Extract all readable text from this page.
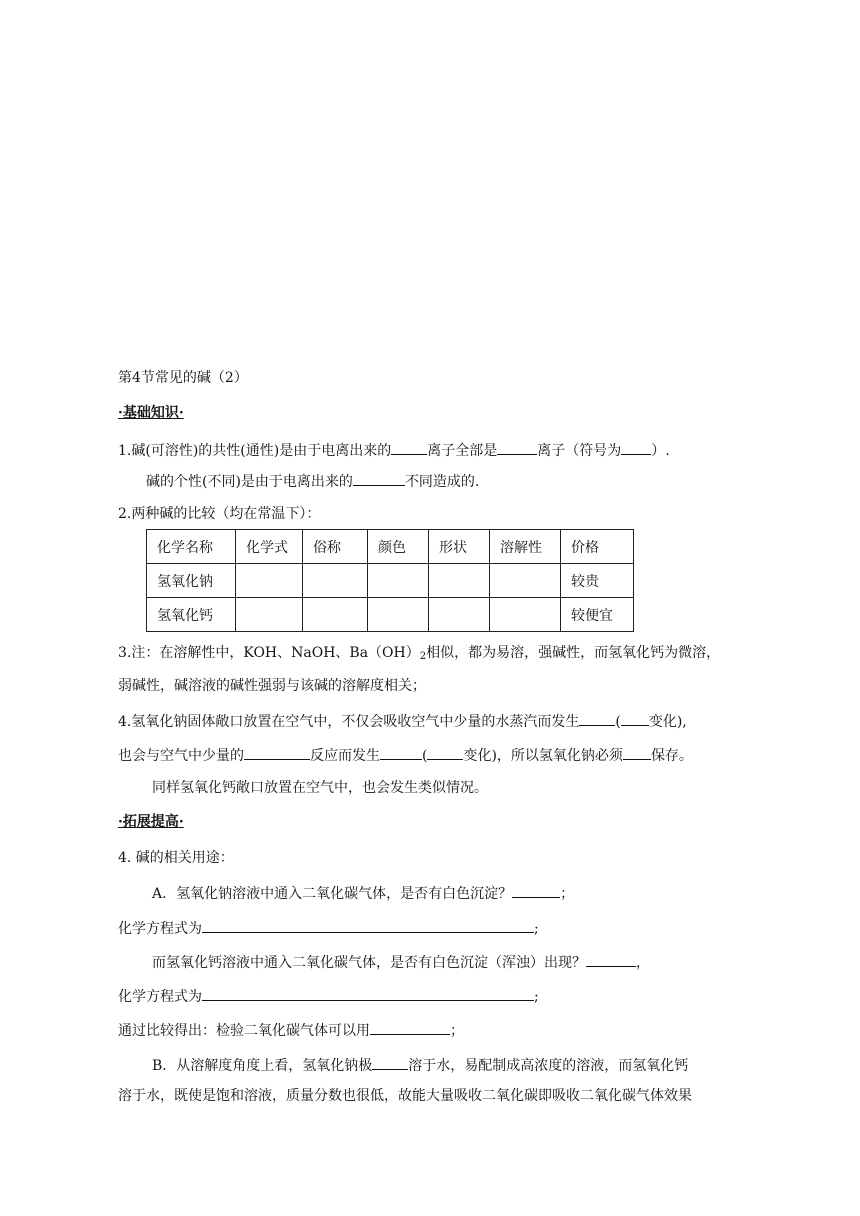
第4节常见的碱（2）
·基础知识·
1.碱(可溶性)的共性(通性)是由于电离出来的	离子全部是	离子（符号为 ）.
碱的个性(不同)是由于电离出来的	不同造成的.
2.两种碱的比较（均在常温下）：
化学名称	化学式	俗称	颜色	形状	溶解性	价格
氢氧化钠						较贵
氢氧化钙						较便宜
3.注：在溶解性中，KOH、NaOH、$Ba(OH)_2$相似，都为易溶，强碱性，而氢氧化钙为微溶，
弱碱性，碱溶液的碱性强弱与该碱的溶解度相关；
4.氢氧化钠固体敞口放置在空气中，不仅会吸收空气中少量的水蒸汽而发生	( 变化),
也会与空气中少量的	反应而发生	(	变化)，所以氢氧化钠必须 保存。
同样氢氧化钙敞口放置在空气中，也会发生类似情况。
·拓展提高·
4. 碱的相关用途：
A．氢氧化钠溶液中通入二氧化碳气体，是否有白色沉淀？	；
化学方程式为	;
而氢氧化钙溶液中通入二氧化碳气体，是否有白色沉淀（浑浊）出现？	，
化学方程式为	;
通过比较得出：检验二氧化碳气体可以用	；
B．从溶解度角度上看，氢氧化钠极	溶于水，易配制成高浓度的溶液，而氢氧化钙
溶于水，既使是饱和溶液，质量分数也很低，故能大量吸收二氧化碳即吸收二氧化碳气体效果
